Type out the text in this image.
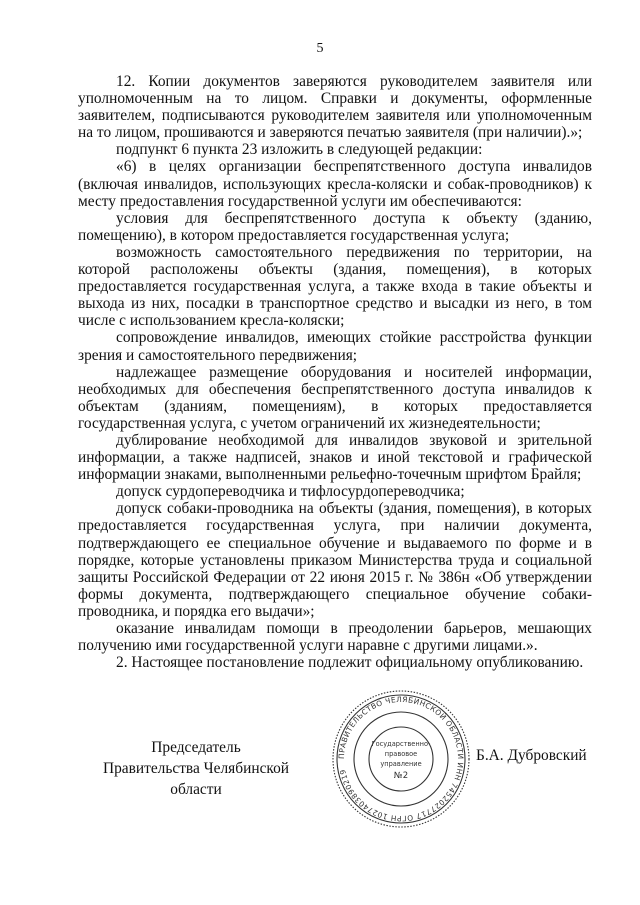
5

12. Копии документов заверяются руководителем заявителя или уполномоченным на то лицом. Справки и документы, оформленные заявителем, подписываются руководителем заявителя или уполномоченным на то лицом, прошиваются и заверяются печатью заявителя (при наличии).»;

подпункт 6 пункта 23 изложить в следующей редакции:

«6) в целях организации беспрепятственного доступа инвалидов (включая инвалидов, использующих кресла-коляски и собак-проводников) к месту предоставления государственной услуги им обеспечиваются:

условия для беспрепятственного доступа к объекту (зданию, помещению), в котором предоставляется государственная услуга;

возможность самостоятельного передвижения по территории, на которой расположены объекты (здания, помещения), в которых предоставляется государственная услуга, а также входа в такие объекты и выхода из них, посадки в транспортное средство и высадки из него, в том числе с использованием кресла-коляски;

сопровождение инвалидов, имеющих стойкие расстройства функции зрения и самостоятельного передвижения;

надлежащее размещение оборудования и носителей информации, необходимых для обеспечения беспрепятственного доступа инвалидов к объектам (зданиям, помещениям), в которых предоставляется государственная услуга, с учетом ограничений их жизнедеятельности;

дублирование необходимой для инвалидов звуковой и зрительной информации, а также надписей, знаков и иной текстовой и графической информации знаками, выполненными рельефно-точечным шрифтом Брайля;

допуск сурдопереводчика и тифлосурдопереводчика;

допуск собаки-проводника на объекты (здания, помещения), в которых предоставляется государственная услуга, при наличии документа, подтверждающего ее специальное обучение и выдаваемого по форме и в порядке, которые установлены приказом Министерства труда и социальной защиты Российской Федерации от 22 июня 2015 г. № 386н «Об утверждении формы документа, подтверждающего специальное обучение собаки-проводника, и порядка его выдачи»;

оказание инвалидам помощи в преодолении барьеров, мешающих получению ими государственной услуги наравне с другими лицами.».

2. Настоящее постановление подлежит официальному опубликованию.

Председатель
Правительства Челябинской области
Б.А. Дубровский
ПРАВИТЕЛЬСТВО ЧЕЛЯБИНСКОЙ ОБЛАСТИ ИНН 7452027717 ОГРН 1027403890219
Государственно-
правовое
управление
№2
